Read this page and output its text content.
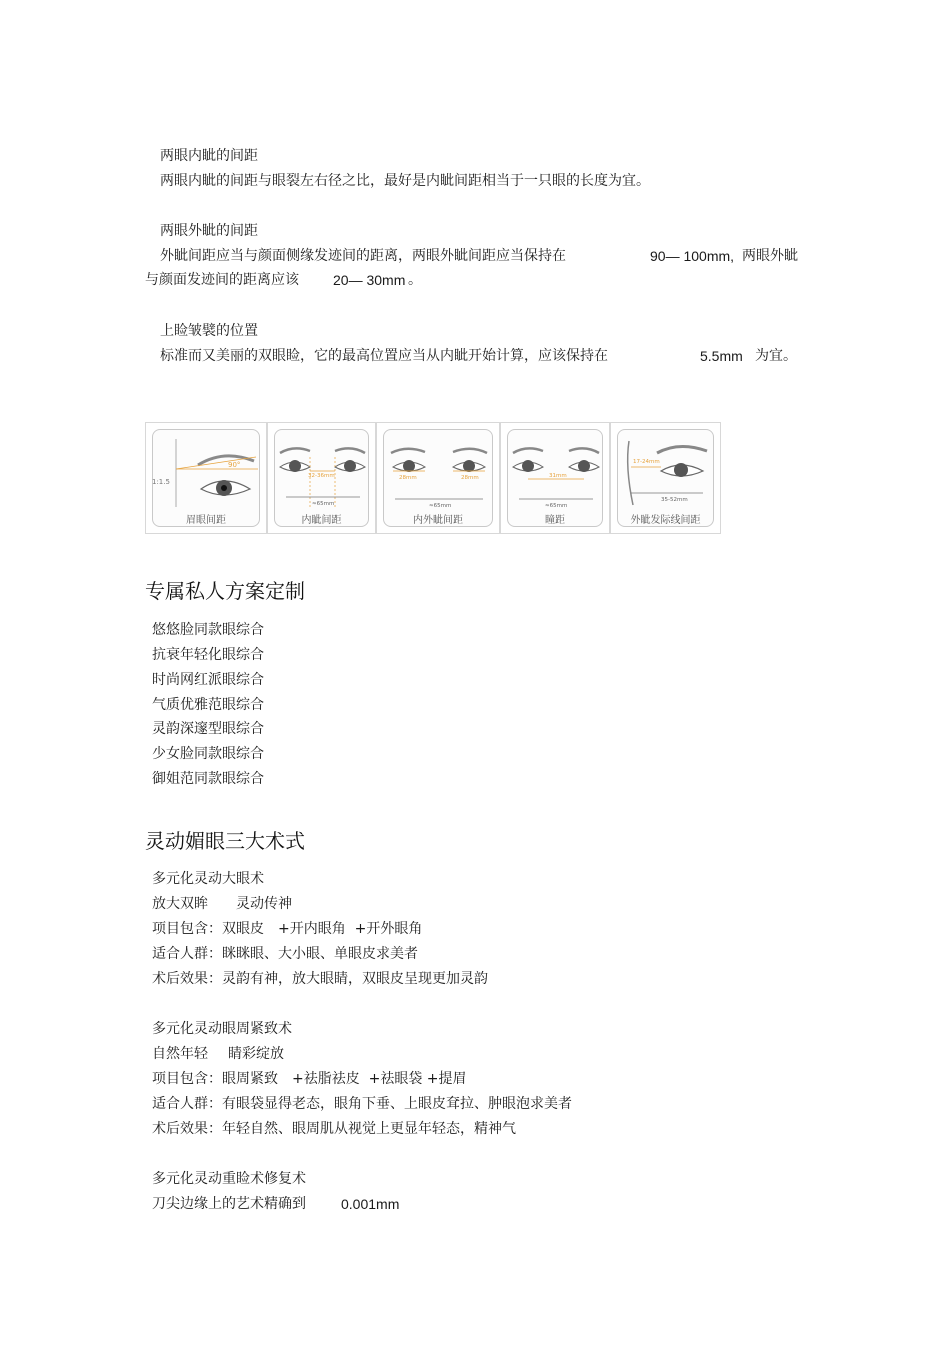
两眼内眦的间距
两眼内眦的间距与眼裂左右径之比，最好是内眦间距相当于一只眼的长度为宜。
两眼外眦的间距
外眦间距应当与颜面侧缘发迹间的距离，两眼外眦间距应当保持在	90— 100mm, 两眼外眦
与颜面发迹间的距离应该 20— 30mm 。
上睑皱襞的位置
标准而又美丽的双眼睑，它的最高位置应当从内眦开始计算，应该保持在	5.5mm 为宜。
1:1.5
90°
眉眼间距
32-36mm
≈65mm
内眦间距
28mm	28mm
≈65mm
内外眦间距
31mm
≈65mm
瞳距
17-24mm
35-52mm
外眦发际线间距
专属私人方案定制
悠悠脸同款眼综合
抗衰年轻化眼综合
时尚网红派眼综合
气质优雅范眼综合
灵韵深邃型眼综合
少女脸同款眼综合
御姐范同款眼综合
灵动媚眼三大术式
多元化灵动大眼术
放大双眸 灵动传神
项目包含：双眼皮　+开内眼角  +开外眼角
适合人群：眯眯眼、大小眼、单眼皮求美者
术后效果：灵韵有神，放大眼睛，双眼皮呈现更加灵韵
多元化灵动眼周紧致术
自然年轻 睛彩绽放
项目包含：眼周紧致　+祛脂祛皮  +祛眼袋 +提眉
适合人群：有眼袋显得老态，眼角下垂、上眼皮耷拉、肿眼泡求美者
术后效果：年轻自然、眼周肌从视觉上更显年轻态，精神气
多元化灵动重睑术修复术
刀尖边缘上的艺术精确到	0.001mm
